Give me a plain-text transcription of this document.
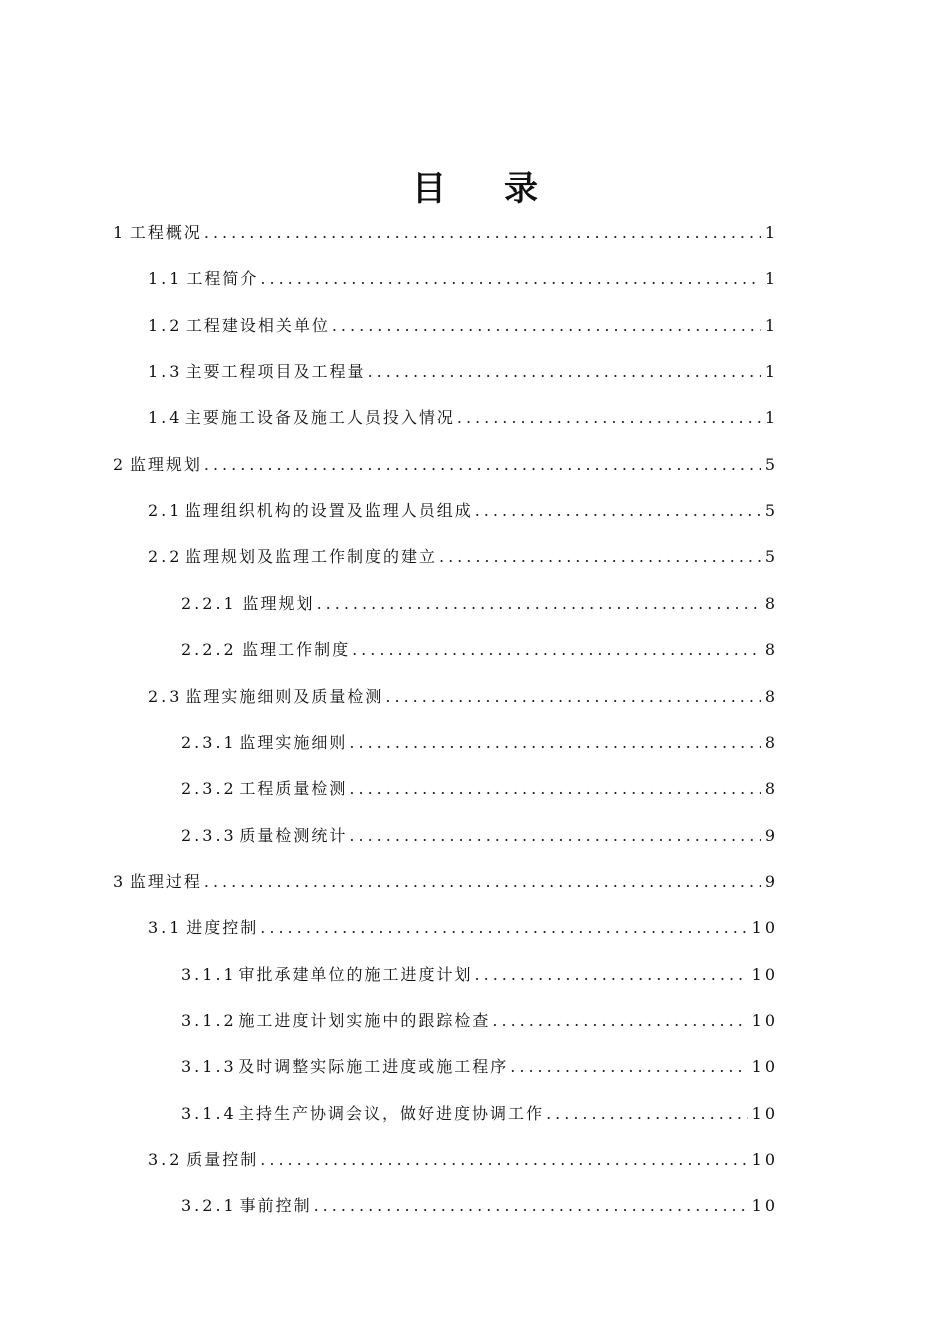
目 录
1 工程概况 .....	1
1.1 工程简介 .....	1
1.2 工程建设相关单位 .....	1
1.3 主要工程项目及工程量 .....	1
1.4 主要施工设备及施工人员投入情况 .....	1
2 监理规划 .....	5
2.1 监理组织机构的设置及监理人员组成 .....	5
2.2 监理规划及监理工作制度的建立 .....	5
2.2.1 监理规划 .....	8
2.2.2 监理工作制度 .....	8
2.3 监理实施细则及质量检测 .....	8
2.3.1 监理实施细则 .....	8
2.3.2 工程质量检测 .....	8
2.3.3 质量检测统计 .....	9
3 监理过程 .....	9
3.1 进度控制 .....	10
3.1.1 审批承建单位的施工进度计划 .....	10
3.1.2 施工进度计划实施中的跟踪检查 .....	10
3.1.3 及时调整实际施工进度或施工程序 .....	10
3.1.4 主持生产协调会议，做好进度协调工作 .....	10
3.2 质量控制 .....	10
3.2.1 事前控制 .....	10
